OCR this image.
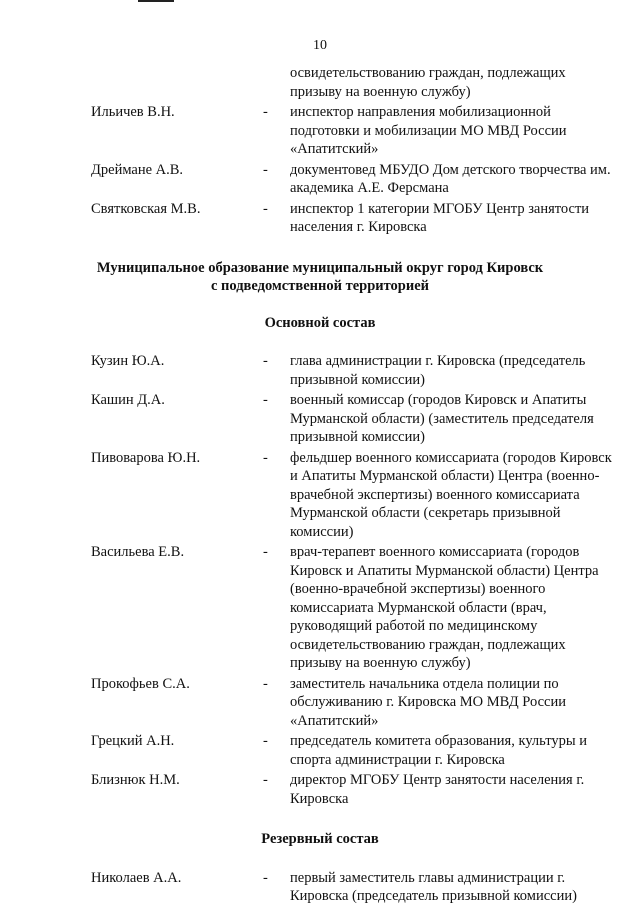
10
освидетельствованию граждан, подлежащих призыву на военную службу)
Ильичев В.Н.	- инспектор направления мобилизационной подготовки и мобилизации МО МВД России «Апатитский»
Дреймане А.В.	- документовед МБУДО Дом детского творчества им. академика А.Е. Ферсмана
Святковская М.В.	- инспектор 1 категории МГОБУ Центр занятости населения г. Кировска
Муниципальное образование муниципальный округ город Кировск
с подведомственной территорией
Основной состав
Кузин Ю.А.	- глава администрации г. Кировска (председатель призывной комиссии)
Кашин Д.А.	- военный комиссар (городов Кировск и Апатиты Мурманской области) (заместитель председателя призывной комиссии)
Пивоварова Ю.Н.	- фельдшер военного комиссариата (городов Кировск и Апатиты Мурманской области) Центра (военно-врачебной экспертизы) военного комиссариата Мурманской области (секретарь призывной комиссии)
Васильева Е.В.	- врач-терапевт военного комиссариата (городов Кировск и Апатиты Мурманской области) Центра (военно-врачебной экспертизы) военного комиссариата Мурманской области (врач, руководящий работой по медицинскому освидетельствованию граждан, подлежащих призыву на военную службу)
Прокофьев С.А.	- заместитель начальника отдела полиции по обслуживанию г. Кировска МО МВД России «Апатитский»
Грецкий А.Н.	- председатель комитета образования, культуры и спорта администрации г. Кировска
Близнюк Н.М.	- директор МГОБУ Центр занятости населения г. Кировска
Резервный состав
Николаев А.А.	- первый заместитель главы администрации г. Кировска (председатель призывной комиссии)
